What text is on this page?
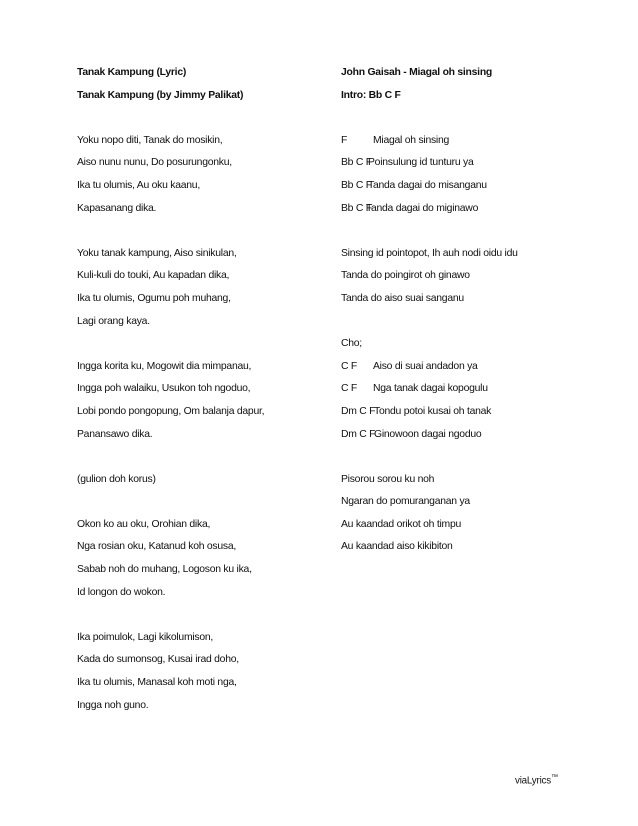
Tanak Kampung (Lyric)
Tanak Kampung (by Jimmy Palikat)
Yoku nopo diti, Tanak do mosikin,
Aiso nunu nunu, Do posurungonku,
Ika tu olumis, Au oku kaanu,
Kapasanang dika.
Yoku tanak kampung, Aiso sinikulan,
Kuli-kuli do touki, Au kapadan dika,
Ika tu olumis, Ogumu poh muhang,
Lagi orang kaya.
Ingga korita ku, Mogowit dia mimpanau,
Ingga poh walaiku, Usukon toh ngoduo,
Lobi pondo pongopung, Om balanja dapur,
Panansawo dika.
(gulion doh korus)
Okon ko au oku, Orohian dika,
Nga rosian oku, Katanud koh osusa,
Sabab noh do muhang, Logoson ku ika,
Id longon do wokon.
Ika poimulok, Lagi kikolumison,
Kada do sumonsog, Kusai irad doho,
Ika tu olumis, Manasal koh moti nga,
Ingga noh guno.
John Gaisah - Miagal oh sinsing
Intro: Bb C F
F Miagal oh sinsing
Bb C FPoinsulung id tunturu ya
Bb C FTanda dagai do misanganu
Bb C FTanda dagai do miginawo
Sinsing id pointopot, Ih auh nodi oidu idu
Tanda do poingirot oh ginawo
Tanda do aiso suai sanganu
Cho;
C F Aiso di suai andadon ya
C F Nga tanak dagai kopogulu
Dm C FTondu potoi kusai oh tanak
Dm C FGinowoon dagai ngoduo
Pisorou sorou ku noh
Ngaran do pomuranganan ya
Au kaandad orikot oh timpu
Au kaandad aiso kikibiton
viaLyrics™
